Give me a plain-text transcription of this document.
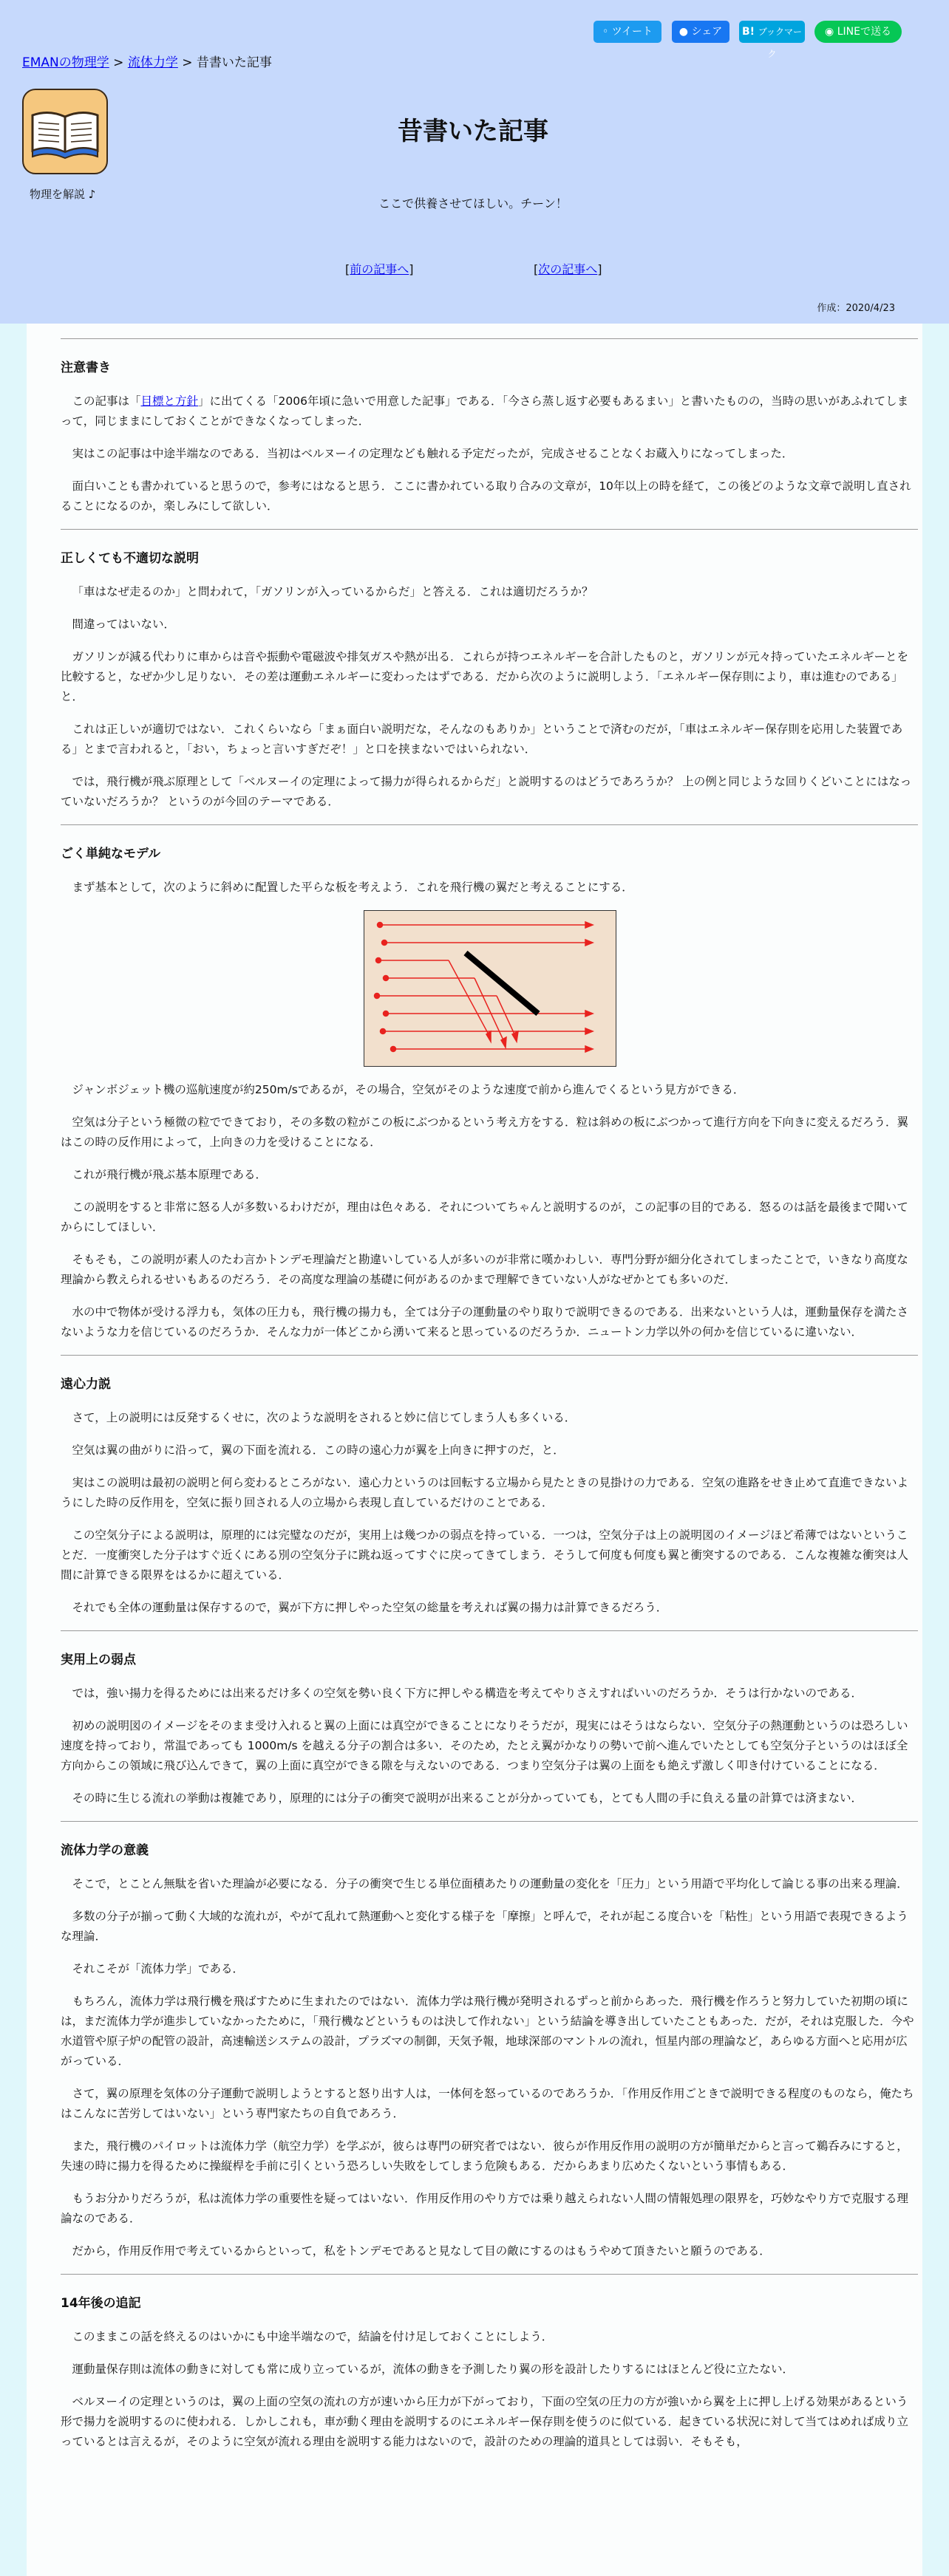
◦ ツイート	● シェア	B! ブックマーク
◉ LINEで送る
EMANの物理学 > 流体力学 > 昔書いた記事
物理を解説 ♪
昔書いた記事
ここで供養させてほしい。チーン！
[前の記事へ]	[次の記事へ]
作成：2020/4/23
注意書き

この記事は「目標と方針」に出てくる「2006年頃に急いで用意した記事」である．「今さら蒸し返す必要もあるまい」と書いたものの，当時の思いがあふれてしまって，同じままにしておくことができなくなってしまった．

実はこの記事は中途半端なのである．当初はベルヌーイの定理なども触れる予定だったが，完成させることなくお蔵入りになってしまった．

面白いことも書かれていると思うので，参考にはなると思う．ここに書かれている取り合みの文章が，10年以上の時を経て，この後どのような文章で説明し直されることになるのか，楽しみにして欲しい．

正しくても不適切な説明

「車はなぜ走るのか」と問われて，「ガソリンが入っているからだ」と答える．これは適切だろうか？

間違ってはいない．

ガソリンが減る代わりに車からは音や振動や電磁波や排気ガスや熱が出る．これらが持つエネルギーを合計したものと，ガソリンが元々持っていたエネルギーとを比較すると，なぜか少し足りない．その差は運動エネルギーに変わったはずである．だから次のように説明しよう．「エネルギー保存則により，車は進むのである」と．

これは正しいが適切ではない．これくらいなら「まぁ面白い説明だな，そんなのもありか」ということで済むのだが，「車はエネルギー保存則を応用した装置である」とまで言われると，「おい，ちょっと言いすぎだぞ！」と口を挟まないではいられない．

では，飛行機が飛ぶ原理として「ベルヌーイの定理によって揚力が得られるからだ」と説明するのはどうであろうか？ 上の例と同じような回りくどいことにはなっていないだろうか？ というのが今回のテーマである．

ごく単純なモデル

まず基本として，次のように斜めに配置した平らな板を考えよう．これを飛行機の翼だと考えることにする．

ジャンボジェット機の巡航速度が約250m/sであるが，その場合，空気がそのような速度で前から進んでくるという見方ができる．

空気は分子という極微の粒でできており，その多数の粒がこの板にぶつかるという考え方をする．粒は斜めの板にぶつかって進行方向を下向きに変えるだろう．翼はこの時の反作用によって，上向きの力を受けることになる．

これが飛行機が飛ぶ基本原理である．

この説明をすると非常に怒る人が多数いるわけだが，理由は色々ある．それについてちゃんと説明するのが，この記事の目的である．怒るのは話を最後まで聞いてからにしてほしい．

そもそも，この説明が素人のたわ言かトンデモ理論だと勘違いしている人が多いのが非常に嘆かわしい．専門分野が細分化されてしまったことで，いきなり高度な理論から教えられるせいもあるのだろう．その高度な理論の基礎に何があるのかまで理解できていない人がなぜかとても多いのだ．

水の中で物体が受ける浮力も，気体の圧力も，飛行機の揚力も，全ては分子の運動量のやり取りで説明できるのである．出来ないという人は，運動量保存を満たさないような力を信じているのだろうか．そんな力が一体どこから湧いて来ると思っているのだろうか．ニュートン力学以外の何かを信じているに違いない．

遠心力説

さて，上の説明には反発するくせに，次のような説明をされると妙に信じてしまう人も多くいる．

空気は翼の曲がりに沿って，翼の下面を流れる．この時の遠心力が翼を上向きに押すのだ，と．

実はこの説明は最初の説明と何ら変わるところがない．遠心力というのは回転する立場から見たときの見掛けの力である．空気の進路をせき止めて直進できないようにした時の反作用を，空気に振り回される人の立場から表現し直しているだけのことである．

この空気分子による説明は，原理的には完璧なのだが，実用上は幾つかの弱点を持っている．一つは，空気分子は上の説明図のイメージほど希薄ではないということだ．一度衝突した分子はすぐ近くにある別の空気分子に跳ね返ってすぐに戻ってきてしまう．そうして何度も何度も翼と衝突するのである．こんな複雑な衝突は人間に計算できる限界をはるかに超えている．

それでも全体の運動量は保存するので，翼が下方に押しやった空気の総量を考えれば翼の揚力は計算できるだろう．

実用上の弱点

では，強い揚力を得るためには出来るだけ多くの空気を勢い良く下方に押しやる構造を考えてやりさえすればいいのだろうか．そうは行かないのである．

初めの説明図のイメージをそのまま受け入れると翼の上面には真空ができることになりそうだが，現実にはそうはならない．空気分子の熱運動というのは恐ろしい速度を持っており，常温であっても 1000m/s を越える分子の割合は多い．そのため，たとえ翼がかなりの勢いで前へ進んでいたとしても空気分子というのはほぼ全方向からこの領域に飛び込んできて，翼の上面に真空ができる隙を与えないのである．つまり空気分子は翼の上面をも絶えず激しく叩き付けていることになる．

その時に生じる流れの挙動は複雑であり，原理的には分子の衝突で説明が出来ることが分かっていても，とても人間の手に負える量の計算では済まない．

流体力学の意義

そこで，とことん無駄を省いた理論が必要になる．分子の衝突で生じる単位面積あたりの運動量の変化を「圧力」という用語で平均化して論じる事の出来る理論．

多数の分子が揃って動く大域的な流れが，やがて乱れて熱運動へと変化する様子を「摩擦」と呼んで，それが起こる度合いを「粘性」という用語で表現できるような理論．

それこそが「流体力学」である．

もちろん，流体力学は飛行機を飛ばすために生まれたのではない．流体力学は飛行機が発明されるずっと前からあった．飛行機を作ろうと努力していた初期の頃には，まだ流体力学が進歩していなかったために，「飛行機などというものは決して作れない」という結論を導き出していたこともあった．だが，それは克服した．今や水道管や原子炉の配管の設計，高速輸送システムの設計，プラズマの制御，天気予報，地球深部のマントルの流れ，恒星内部の理論など，あらゆる方面へと応用が広がっている．

さて，翼の原理を気体の分子運動で説明しようとすると怒り出す人は，一体何を怒っているのであろうか．「作用反作用ごときで説明できる程度のものなら，俺たちはこんなに苦労してはいない」という専門家たちの自負であろう．

また，飛行機のパイロットは流体力学（航空力学）を学ぶが，彼らは専門の研究者ではない．彼らが作用反作用の説明の方が簡単だからと言って鵜呑みにすると，失速の時に揚力を得るために操縦桿を手前に引くという恐ろしい失敗をしてしまう危険もある．だからあまり広めたくないという事情もある．

もうお分かりだろうが，私は流体力学の重要性を疑ってはいない．作用反作用のやり方では乗り越えられない人間の情報処理の限界を，巧妙なやり方で克服する理論なのである．

だから，作用反作用で考えているからといって，私をトンデモであると見なして目の敵にするのはもうやめて頂きたいと願うのである．

14年後の追記

このままこの話を終えるのはいかにも中途半端なので，結論を付け足しておくことにしよう．

運動量保存則は流体の動きに対しても常に成り立っているが，流体の動きを予測したり翼の形を設計したりするにはほとんど役に立たない．

ベルヌーイの定理というのは，翼の上面の空気の流れの方が速いから圧力が下がっており，下面の空気の圧力の方が強いから翼を上に押し上げる効果があるという形で揚力を説明するのに使われる．しかしこれも，車が動く理由を説明するのにエネルギー保存則を使うのに似ている．起きている状況に対して当てはめれば成り立っているとは言えるが，そのように空気が流れる理由を説明する能力はないので，設計のための理論的道具としては弱い．そもそも，
